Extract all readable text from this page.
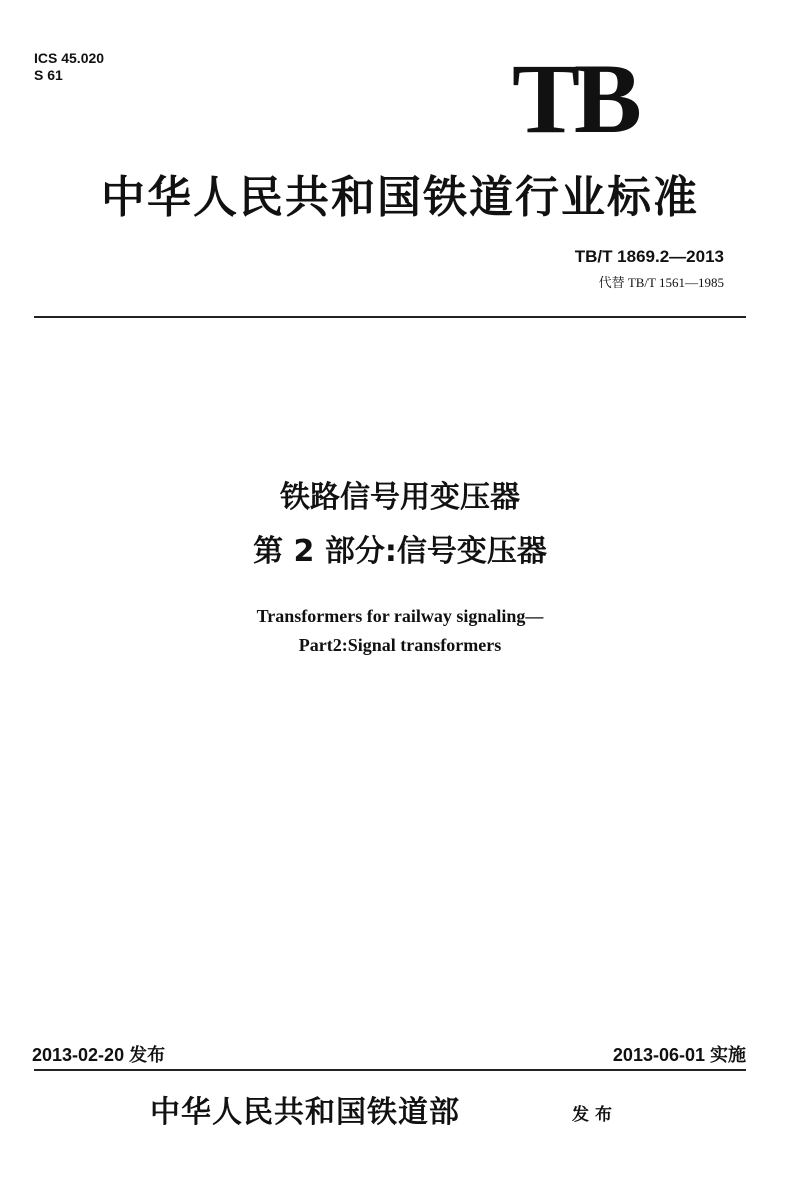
ICS 45.020
S 61	TB
中华人民共和国铁道行业标准
TB/T 1869.2—2013
代替 TB/T 1561—1985
铁路信号用变压器
第 2 部分:信号变压器
Transformers for railway signaling—
Part2:Signal transformers
2013-02-20 发布	2013-06-01 实施
中华人民共和国铁道部	发布
